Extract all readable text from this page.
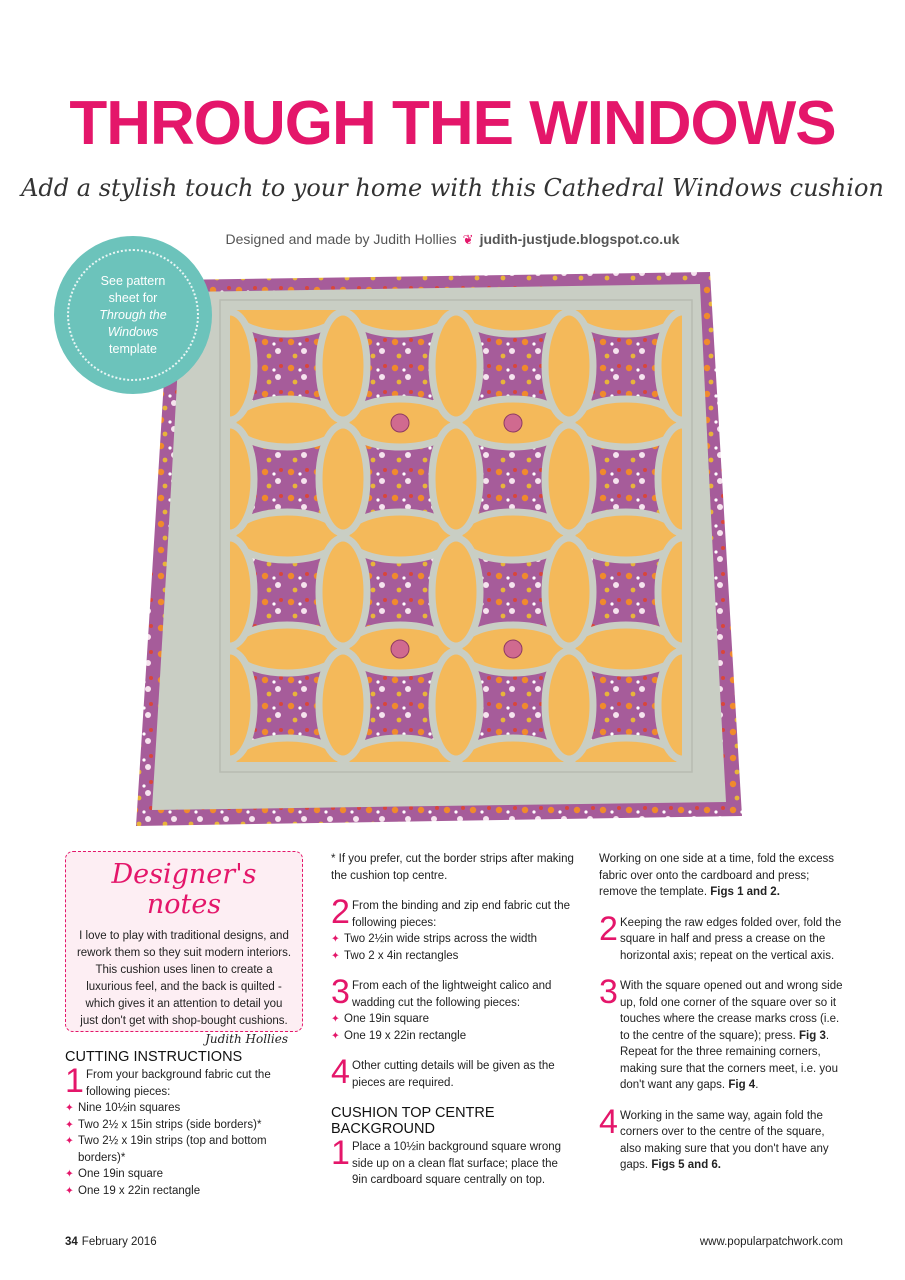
THROUGH THE WINDOWS
Add a stylish touch to your home with this Cathedral Windows cushion
Designed and made by Judith Hollies ❦ judith-justjude.blogspot.co.uk
See pattern
sheet for
Through the
Windows
template
Designer's notes
I love to play with traditional designs, and rework them so they suit modern interiors. This cushion uses linen to create a luxurious feel, and the back is quilted - which gives it an attention to detail you just don't get with shop-bought cushions.
Judith Hollies
CUTTING INSTRUCTIONS
1 From your background fabric cut the following pieces:

✦ Nine 10½in squares
✦ Two 2½ x 15in strips (side borders)*
✦ Two 2½ x 19in strips (top and bottom borders)*
✦ One 19in square
✦ One 19 x 22in rectangle

* If you prefer, cut the border strips after making the cushion top centre.

2 From the binding and zip end fabric cut the following pieces:

✦ Two 2½in wide strips across the width
✦ Two 2 x 4in rectangles
3 From each of the lightweight calico and wadding cut the following pieces:

✦ One 19in square
✦ One 19 x 22in rectangle
4 Other cutting details will be given as the pieces are required.

CUSHION TOP CENTRE BACKGROUND
1 Place a 10½in background square wrong side up on a clean flat surface; place the 9in cardboard square centrally on top.

Working on one side at a time, fold the excess fabric over onto the cardboard and press; remove the template. Figs 1 and 2.

2 Keeping the raw edges folded over, fold the square in half and press a crease on the horizontal axis; repeat on the vertical axis.

3 With the square opened out and wrong side up, fold one corner of the square over so it touches where the crease marks cross (i.e. to the centre of the square); press. Fig 3. Repeat for the three remaining corners, making sure that the corners meet, i.e. you don't want any gaps. Fig 4.

4 Working in the same way, again fold the corners over to the centre of the square, also making sure that you don't have any gaps. Figs 5 and 6.

34 February 2016	www.popularpatchwork.com
